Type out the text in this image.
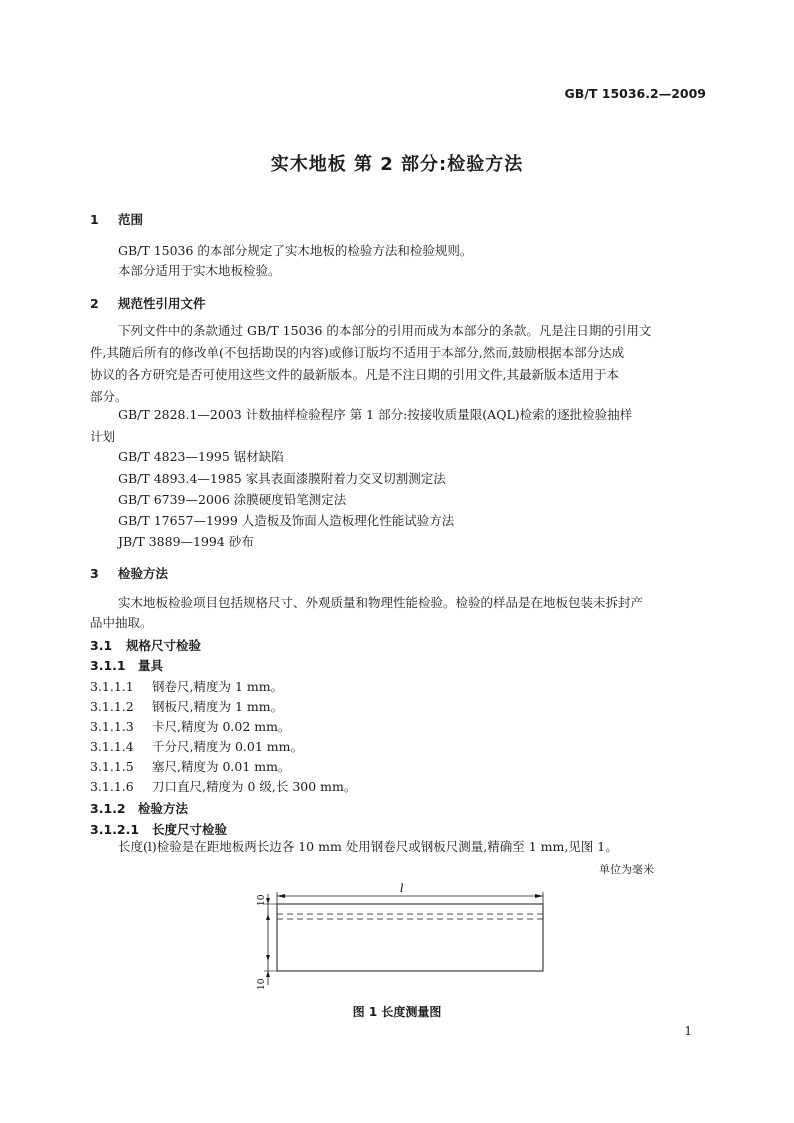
GB/T 15036.2—2009
实木地板 第 2 部分:检验方法
1 范围
GB/T 15036 的本部分规定了实木地板的检验方法和检验规则。
本部分适用于实木地板检验。
2 规范性引用文件
下列文件中的条款通过 GB/T 15036 的本部分的引用而成为本部分的条款。凡是注日期的引用文
件,其随后所有的修改单(不包括勘误的内容)或修订版均不适用于本部分,然而,鼓励根据本部分达成
协议的各方研究是否可使用这些文件的最新版本。凡是不注日期的引用文件,其最新版本适用于本
部分。
GB/T 2828.1—2003 计数抽样检验程序 第 1 部分:按接收质量限(AQL)检索的逐批检验抽样
计划
GB/T 4823—1995 锯材缺陷
GB/T 4893.4—1985 家具表面漆膜附着力交叉切割测定法
GB/T 6739—2006 涂膜硬度铅笔测定法
GB/T 17657—1999 人造板及饰面人造板理化性能试验方法
JB/T 3889—1994 砂布
3 检验方法
实木地板检验项目包括规格尺寸、外观质量和物理性能检验。检验的样品是在地板包装未拆封产
品中抽取。
3.1 规格尺寸检验
3.1.1 量具
3.1.1.1 钢卷尺,精度为 1 mm。
3.1.1.2 钢板尺,精度为 1 mm。
3.1.1.3 卡尺,精度为 0.02 mm。
3.1.1.4 千分尺,精度为 0.01 mm。
3.1.1.5 塞尺,精度为 0.01 mm。
3.1.1.6 刀口直尺,精度为 0 级,长 300 mm。
3.1.2 检验方法
3.1.2.1 长度尺寸检验
长度(l)检验是在距地板两长边各 10 mm 处用钢卷尺或钢板尺测量,精确至 1 mm,见图 1。
单位为毫米
l
10
10
图 1 长度测量图
1
